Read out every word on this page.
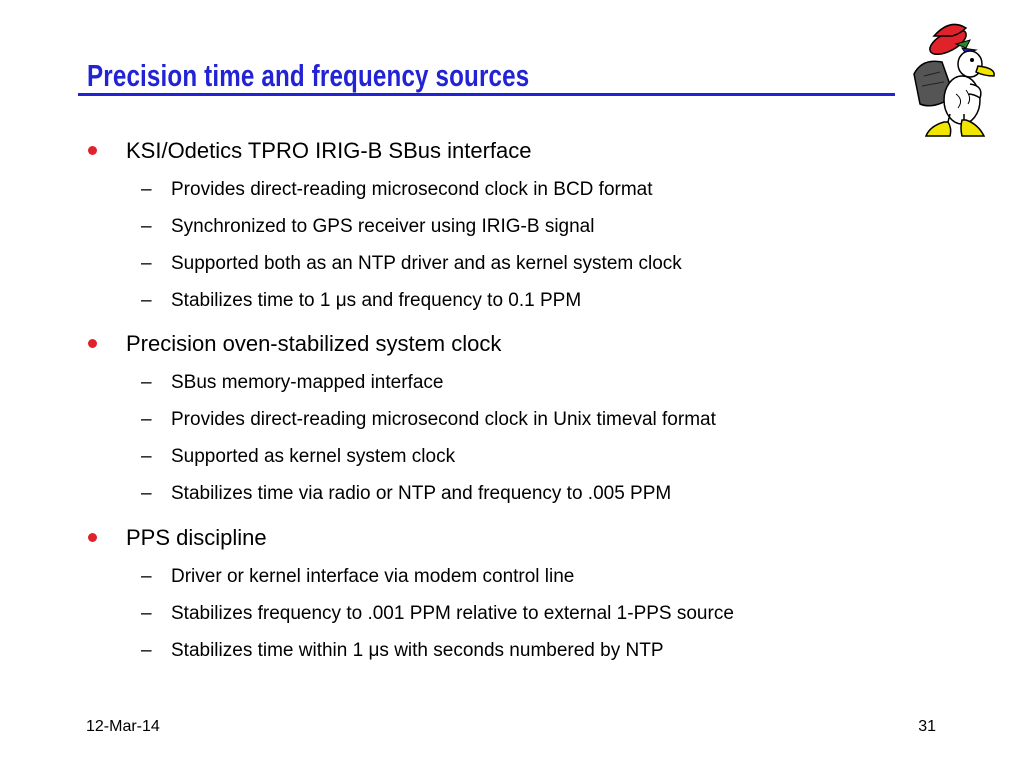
Precision time and frequency sources
KSI/Odetics TPRO IRIG-B SBus interface
– Provides direct-reading microsecond clock in BCD format
– Synchronized to GPS receiver using IRIG-B signal
– Supported both as an NTP driver and as kernel system clock
– Stabilizes time to 1 μs and frequency to 0.1 PPM
Precision oven-stabilized system clock
– SBus memory-mapped interface
– Provides direct-reading microsecond clock in Unix timeval format
– Supported as kernel system clock
– Stabilizes time via radio or NTP and frequency to .005 PPM
PPS discipline
– Driver or kernel interface via modem control line
– Stabilizes frequency to .001 PPM relative to external 1-PPS source
– Stabilizes time within 1 μs with seconds numbered by NTP
12-Mar-14	31
